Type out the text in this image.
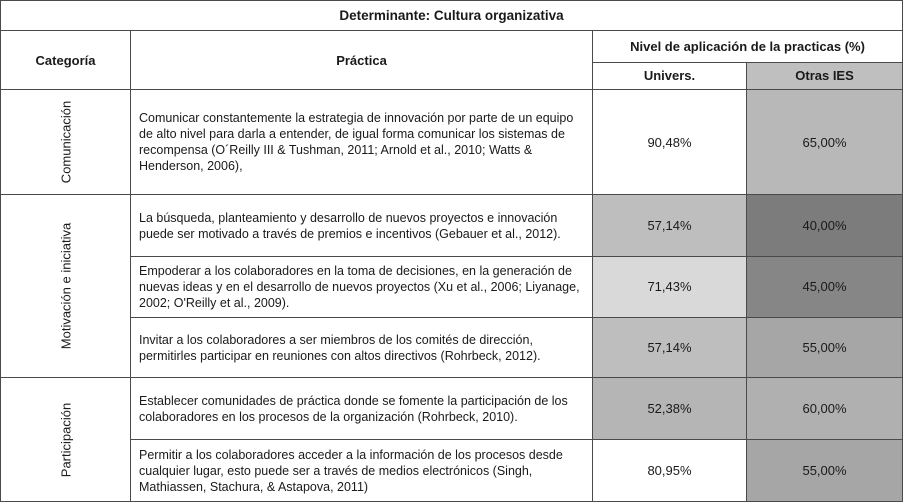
Determinante: Cultura organizativa			
Categoría	Práctica	Nivel de aplicación de la practicas (%)	
		Univers.	Otras IES

Comunicación	Comunicar constantemente la estrategia de innovación por parte de un equipo de alto nivel para darla a entender, de igual forma comunicar los sistemas de recompensa (O´Reilly III & Tushman, 2011; Arnold et al., 2010; Watts & Henderson, 2006),	90,48%	65,00%

Motivación e iniciativa	La búsqueda, planteamiento y desarrollo de nuevos proyectos e innovación puede ser motivado a través de premios e incentivos (Gebauer et al., 2012).	57,14%	40,00%
	Empoderar a los colaboradores en la toma de decisiones, en la generación de nuevas ideas y en el desarrollo de nuevos proyectos (Xu et al., 2006; Liyanage, 2002; O'Reilly et al., 2009).	71,43%	45,00%
	Invitar a los colaboradores a ser miembros de los comités de dirección, permitirles participar en reuniones con altos directivos (Rohrbeck, 2012).	57,14%	55,00%

Participación	Establecer comunidades de práctica donde se fomente la participación de los colaboradores en los procesos de la organización (Rohrbeck, 2010).	52,38%	60,00%
	Permitir a los colaboradores acceder a la información de los procesos desde cualquier lugar, esto puede ser a través de medios electrónicos (Singh, Mathiassen, Stachura, & Astapova, 2011)	80,95%	55,00%
